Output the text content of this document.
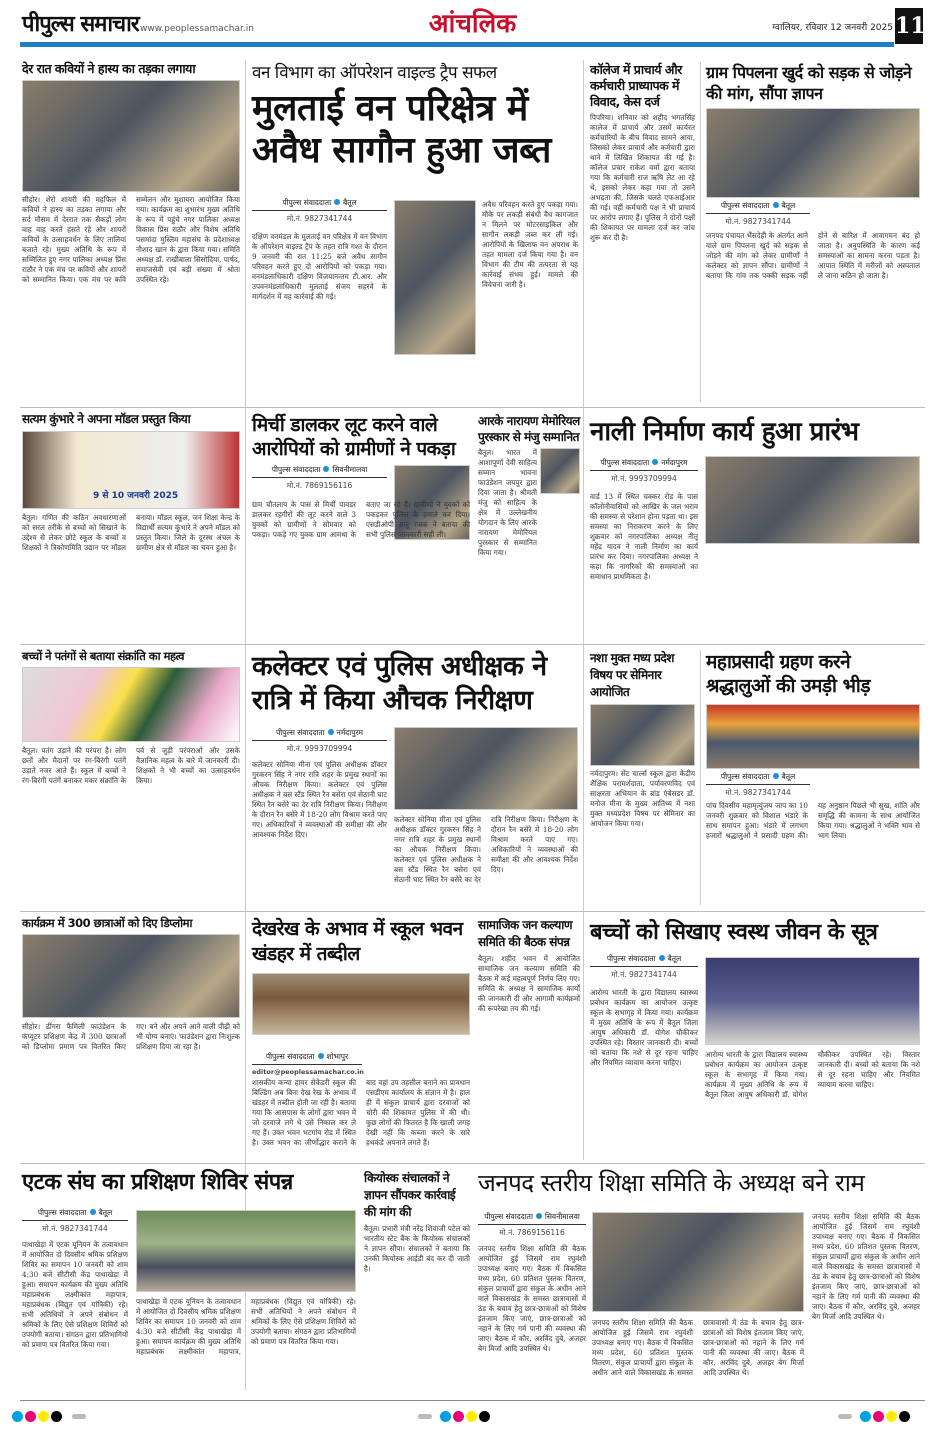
पीपुल्स समाचार www.peoplessamachar.in	आंचलिक	ग्वालियर, रविवार 12 जनवरी 2025 11
देर रात कवियों ने हास्य का तड़का लगाया
सीहोर। शेरो शायरी की महफिल में कवियों ने हास्य का तड़का लगाया और सर्द मौसम में देररात तक सैकड़ों लोग वाह वाह करते हंसते रहे और शायरों कवियों के उत्साहवर्धन के लिए तालियां बजाते रहे। मुख्य अतिथि के रूप में सम्मिलित हुए नगर पालिका अध्यक्ष प्रिंस राठौर ने एक मंच पर कवियों और शायरों को सम्मानित किया। एक मंच पर कवि सम्मेलन और मुशायरा आयोजित किया गया। कार्यक्रम का शुभारंभ मुख्य अतिथि के रूप में पहुंचे नगर पालिका अध्यक्ष विकास प्रिंस राठौर और विशेष अतिथि पसमांदा मुस्लिम महासंघ के प्रदेशाध्यक्ष नौशाद खान के द्वारा किया गया। समिति अध्यक्ष डॉ. राखीबाला सिसोदिया, पार्षद, समाजसेवी एवं बड़ी संख्या में श्रोता उपस्थित रहे।
वन विभाग का ऑपरेशन वाइल्ड ट्रैप सफल
मुलताई वन परिक्षेत्र में अवैध सागौन हुआ जब्त
पीपुल्स संवाददाता बैतूल
मो.नं. 9827341744
दक्षिण वनमंडल के मुलताई वन परिक्षेत्र में वन विभाग के ऑपरेशन वाइल्ड ट्रैप के तहत रात्रि गश्त के दौरान 9 जनवरी की रात 11:25 बजे अवैध सागौन परिवहन करते हुए दो आरोपियों को पकड़ा गया। वनमंडलाधिकारी दक्षिण विजयानन्तम टी.आर. और उपवनमंडलाधिकारी मुलताई संजय सहरवे के मार्गदर्शन में यह कार्रवाई की गई।
अवैध परिवहन करते हुए पकड़ा गया। मौके पर लकड़ी संबंधी वैध कागजात न मिलने पर मोटरसाइकिल और सागौन लकड़ी जब्त कर ली गई। आरोपियों के खिलाफ वन अपराध के तहत मामला दर्ज किया गया है। वन विभाग की टीम की तत्परता से यह कार्रवाई संभव हुई। मामले की विवेचना जारी है।
कॉलेज में प्राचार्य और कर्मचारी प्राध्यापक में विवाद, केस दर्ज
पिपरिया। शनिवार को शहीद भगतसिंह कालेज में प्राचार्य और उसमें कार्यरत कर्मचारियों के बीच विवाद सामने आया, जिसको लेकर प्राचार्य और कर्मचारी द्वारा थाने में लिखित शिकायत की गई है। कॉलेज प्रचार राकेश वर्मा द्वारा बताया गया कि कर्मचारी राज ऋषि लेट आ रहे थे, इसको लेकर कहा गया तो उसने अभद्रता की, जिसके चलते एफआईआर की गई। वहीं कर्मचारी पक्ष ने भी प्राचार्य पर आरोप लगाए हैं। पुलिस ने दोनों पक्षों की शिकायत पर मामला दर्ज कर जांच शुरू कर दी है।
ग्राम पिपलना खुर्द को सड़क से जोड़ने की मांग, सौंपा ज्ञापन
पीपुल्स संवाददाता बैतूल
मो.नं. 9827341744
जनपद पंचायत भैंसदेही के अंतर्गत आने वाले ग्राम पिपलना खुर्द को सड़क से जोड़ने की मांग को लेकर ग्रामीणों ने कलेक्टर को ज्ञापन सौंपा। ग्रामीणों ने बताया कि गांव तक पक्की सड़क नहीं होने से बारिश में आवागमन बंद हो जाता है। अनुपस्थिति के कारण कई समस्याओं का सामना करना पड़ता है। आपात स्थिति में मरीजों को अस्पताल ले जाना कठिन हो जाता है।
सत्यम कुंभारे ने अपना मॉडल प्रस्तुत किया
9 से 10 जनवरी 2025
बैतूल। गणित की कठिन अवधारणाओं को सरल तरीके से बच्चों को सिखाने के उद्देश्य से लेकर छोटे स्कूल के बच्चों व शिक्षकों ने त्रिकोणमिति उद्यान पर मॉडल बनाया। मॉडल स्कूल, जन शिक्षा केन्द्र के विद्यार्थी सत्यम कुंभारे ने अपने मॉडल को प्रस्तुत किया। जिले के दूरस्थ अंचल के ग्रामीण क्षेत्र से मॉडल का चयन हुआ है।
मिर्ची डालकर लूट करने वाले आरोपियों को ग्रामीणों ने पकड़ा
पीपुल्स संवाददाता सिवनीमालवा
मो.नं. 7869156116
ग्राम चौतलाय के पास से मिर्ची पावडर डालकर रहगीरों की लूट करने वाले 3 युवकों को ग्रामीणों ने सोमवार को पकड़ा। पकड़े गए युवक ग्राम आमथा के बताए जा रहे हैं। ग्रामीणों ने युवकों को पकड़कर पुलिस के हवाले कर दिया। एसडीओपी राजू रजक ने बताया की सभी पुलिस जानकारी सही ली।
आरके नारायण मेमोरियल पुरस्कार से मंजु सम्मानित
बैतूल। भारत में आशापूर्णा देवी साहित्य सम्मान भावना फाउंडेशन जयपुर द्वारा दिया जाता है। श्रीमती मंजु को साहित्य के क्षेत्र में उल्लेखनीय योगदान के लिए आरके नारायण मेमोरियल पुरस्कार से सम्मानित किया गया।
नाली निर्माण कार्य हुआ प्रारंभ
पीपुल्स संवाददाता नर्मदापुरम
मो.नं. 9993709994
वार्ड 13 में स्थित चक्कर रोड के पास कॉलोनीवासियों को आखिर के जल भराव की समस्या से परेशान होना पड़ता था। इस समस्या का निराकरण करने के लिए शुक्रवार को नगरपालिका अध्यक्ष नीतू महेंद्र यादव ने नाली निर्माण का कार्य प्रारंभ कर दिया। नगरपालिका अध्यक्ष ने कहा कि नागरिकों की समस्याओं का समाधान प्राथमिकता है।
बच्चों ने पतंगों से बताया संक्रांति का महत्व
बैतूल। पतंग उड़ाने की परंपरा है। लोग छतों और मैदानों पर रंग-बिरंगी पतंगें उड़ाते नजर आते हैं। स्कूल में बच्चों ने रंग-बिरंगी पतंगें बनाकर मकर संक्रांति के पर्व से जुड़ी परंपराओं और उसके वैज्ञानिक महत्व के बारे में जानकारी दी। शिक्षकों ने भी बच्चों का उत्साहवर्धन किया।
कलेक्टर एवं पुलिस अधीक्षक ने रात्रि में किया औचक निरीक्षण
पीपुल्स संवाददाता नर्मदापुरम
मो.नं. 9993709994
कलेक्टर सोनिया मीना एवं पुलिस अधीक्षक डॉक्टर गुरकरन सिंह ने नगर रात्रि शहर के प्रमुख स्थानों का औचक निरीक्षण किया। कलेक्टर एवं पुलिस अधीक्षक ने बस स्टैंड स्थित रैन बसेरा एवं सेठानी घाट स्थित रैन बसेरे का देर रात्रि निरीक्षण किया। निरीक्षण के दौरान रैन बसेरे में 18-20 लोग विश्राम करते पाए गए। अधिकारियों ने व्यवस्थाओं की समीक्षा की और आवश्यक निर्देश दिए।
कलेक्टर सोनिया मीना एवं पुलिस अधीक्षक डॉक्टर गुरकरन सिंह ने नगर रात्रि शहर के प्रमुख स्थानों का औचक निरीक्षण किया। कलेक्टर एवं पुलिस अधीक्षक ने बस स्टैंड स्थित रैन बसेरा एवं सेठानी घाट स्थित रैन बसेरे का देर रात्रि निरीक्षण किया। निरीक्षण के दौरान रैन बसेरे में 18-20 लोग विश्राम करते पाए गए। अधिकारियों ने व्यवस्थाओं की समीक्षा की और आवश्यक निर्देश दिए।
नशा मुक्त मध्य प्रदेश विषय पर सेमिनार आयोजित
नर्मदापुरम। सेंट चार्ल्स स्कूल द्वारा केंद्रीय शैक्षिक परामर्शदाता, पर्यावरणविद एवं साक्षरता अभियान के ब्रांड एंबेसडर डॉ. मनोज मीना के मुख्य आतिथ्य में नशा मुक्त मध्यप्रदेश विषय पर सेमिनार का आयोजन किया गया।
महाप्रसादी ग्रहण करने श्रद्धालुओं की उमड़ी भीड़
पीपुल्स संवाददाता बैतूल
मो.नं. 9827341744
पांच दिवसीय महामृत्युंजय जाप का 10 जनवरी शुक्रवार को विशाल भंडारे के साथ समापन हुआ। भंडारे में लगभग हजारों श्रद्धालुओं ने प्रसादी ग्रहण की। यह अनुष्ठान पिछले भी सुख, शांति और समृद्धि की कामना के साथ आयोजित किया गया। श्रद्धालुओं ने भक्ति भाव से भाग लिया।
कार्यक्रम में 300 छात्राओं को दिए डिप्लोमा
सीहोर। ढींगरा फैमिली फाउंडेशन के कंप्यूटर प्रशिक्षण केंद्र में 300 छात्राओं को डिप्लोमा प्रमाण पत्र वितरित किए गए। बने और अपने आने वाली पीढ़ी को भी योग्य बनाएं। फाउंडेशन द्वारा निःशुल्क प्रशिक्षण दिया जा रहा है।
देखरेख के अभाव में स्कूल भवन खंडहर में तब्दील
पीपुल्स संवाददाता शोभापुर
editor@peoplessamachar.co.in
शासकीय कन्या हायर सेकेंडरी स्कूल की बिल्डिंग अब बिना देख रेख के अभाव में खंडहर में तब्दील होती जा रही है। बताया गया कि आसपास के लोगों द्वारा भवन में जो दरवाजे लगे थे उसे निकाल कर ले गए हैं। उक्त भवन भटगांव रोड में स्थित है। उक्त भवन का जीर्णोद्धार कराने के बाद वहां उप तहसील बनाने का प्रावधान एसडीएम कार्यालय के संज्ञान में है। हाल ही में संकुल प्राचार्य द्वारा दरवाजों को चोरी की शिकायत पुलिस में की थी। कुछ लोगों की फितरत है कि खाली जगह देखी नहीं कि कब्जा करने के सारे हथकंडे अपनाने लगते हैं।
सामाजिक जन कल्याण समिति की बैठक संपन्न
बैतूल। शहीद भवन में आयोजित सामाजिक जन कल्याण समिति की बैठक में कई महत्वपूर्ण निर्णय लिए गए। समिति के अध्यक्ष ने सामाजिक कार्यों की जानकारी दी और आगामी कार्यक्रमों की रूपरेखा तय की गई।
बच्चों को सिखाए स्वस्थ जीवन के सूत्र
पीपुल्स संवाददाता बैतूल
मो.नं. 9827341744
आरोग्य भारती के द्वारा विद्यालय स्वास्थ्य प्रबोधन कार्यक्रम का आयोजन उत्कृष्ट स्कूल के सभागृह में किया गया। कार्यक्रम में मुख्य अतिथि के रूप में बैतूल जिला आयुष अधिकारी डॉ. योगेश चौकीकर उपस्थित रहे। विस्तार जानकारी दी। बच्चों को बताया कि नशे से दूर रहना चाहिए और नियमित व्यायाम करना चाहिए।
आरोग्य भारती के द्वारा विद्यालय स्वास्थ्य प्रबोधन कार्यक्रम का आयोजन उत्कृष्ट स्कूल के सभागृह में किया गया। कार्यक्रम में मुख्य अतिथि के रूप में बैतूल जिला आयुष अधिकारी डॉ. योगेश चौकीकर उपस्थित रहे। विस्तार जानकारी दी। बच्चों को बताया कि नशे से दूर रहना चाहिए और नियमित व्यायाम करना चाहिए।
एटक संघ का प्रशिक्षण शिविर संपन्न
पीपुल्स संवाददाता बैतूल
मो.नं. 9827341744
पाथाखेड़ा में एटक यूनियन के तत्वावधान में आयोजित दो दिवसीय श्रमिक प्रशिक्षण शिविर का समापन 10 जनवरी को शाम 4:30 बजे सीटीसी केंद्र पाथाखेड़ा में हुआ। समापन कार्यक्रम की मुख्य अतिथि महाप्रबंधक लक्ष्मीकांत महापात्र, महाप्रबंधक (विद्युत एवं यांत्रिकी) रहे। सभी अतिथियों ने अपने संबोधन में श्रमिकों के लिए ऐसे प्रशिक्षण शिविरों को उपयोगी बताया। संगठन द्वारा प्रतिभागियों को प्रमाण पत्र वितरित किया गया।
पाथाखेड़ा में एटक यूनियन के तत्वावधान में आयोजित दो दिवसीय श्रमिक प्रशिक्षण शिविर का समापन 10 जनवरी को शाम 4:30 बजे सीटीसी केंद्र पाथाखेड़ा में हुआ। समापन कार्यक्रम की मुख्य अतिथि महाप्रबंधक लक्ष्मीकांत महापात्र, महाप्रबंधक (विद्युत एवं यांत्रिकी) रहे। सभी अतिथियों ने अपने संबोधन में श्रमिकों के लिए ऐसे प्रशिक्षण शिविरों को उपयोगी बताया। संगठन द्वारा प्रतिभागियों को प्रमाण पत्र वितरित किया गया।
कियोस्क संचालकों ने ज्ञापन सौंपकर कार्रवाई की मांग की
बैतूल। प्रभारी मंत्री नरेंद्र शिवाजी पटेल को भारतीय स्टेट बैंक के कियोस्क संचालकों ने ज्ञापन सौंपा। संचालकों ने बताया कि उनकी कियोस्क आईडी बंद कर दी जाती है।
जनपद स्तरीय शिक्षा समिति के अध्यक्ष बने राम
पीपुल्स संवाददाता सिवनीमालवा
मो.नं. 7869156116
जनपद स्तरीय शिक्षा समिति की बैठक आयोजित हुई जिसमें राम रघुवंशी उपाध्यक्ष बनाए गए। बैठक में विकसित मध्य प्रदेश, 60 प्रतिशत पुस्तक वितरण, संकुल प्राचार्यों द्वारा संकुल के अधीन आने वाले विकासखंड के समस्त छात्रावासों में ठंड के बचाव हेतु छात्र-छात्राओं को विशेष इंतजाम किए जाएं, छात्र-छात्राओं को नहाने के लिए गर्म पानी की व्यवस्था की जाए। बैठक में कौर, अरविंद दुबे, अजहर बेग मिर्जा आदि उपस्थित थे।
जनपद स्तरीय शिक्षा समिति की बैठक आयोजित हुई जिसमें राम रघुवंशी उपाध्यक्ष बनाए गए। बैठक में विकसित मध्य प्रदेश, 60 प्रतिशत पुस्तक वितरण, संकुल प्राचार्यों द्वारा संकुल के अधीन आने वाले विकासखंड के समस्त छात्रावासों में ठंड के बचाव हेतु छात्र-छात्राओं को विशेष इंतजाम किए जाएं, छात्र-छात्राओं को नहाने के लिए गर्म पानी की व्यवस्था की जाए। बैठक में कौर, अरविंद दुबे, अजहर बेग मिर्जा आदि उपस्थित थे।
जनपद स्तरीय शिक्षा समिति की बैठक आयोजित हुई जिसमें राम रघुवंशी उपाध्यक्ष बनाए गए। बैठक में विकसित मध्य प्रदेश, 60 प्रतिशत पुस्तक वितरण, संकुल प्राचार्यों द्वारा संकुल के अधीन आने वाले विकासखंड के समस्त छात्रावासों में ठंड के बचाव हेतु छात्र-छात्राओं को विशेष इंतजाम किए जाएं, छात्र-छात्राओं को नहाने के लिए गर्म पानी की व्यवस्था की जाए। बैठक में कौर, अरविंद दुबे, अजहर बेग मिर्जा आदि उपस्थित थे।
